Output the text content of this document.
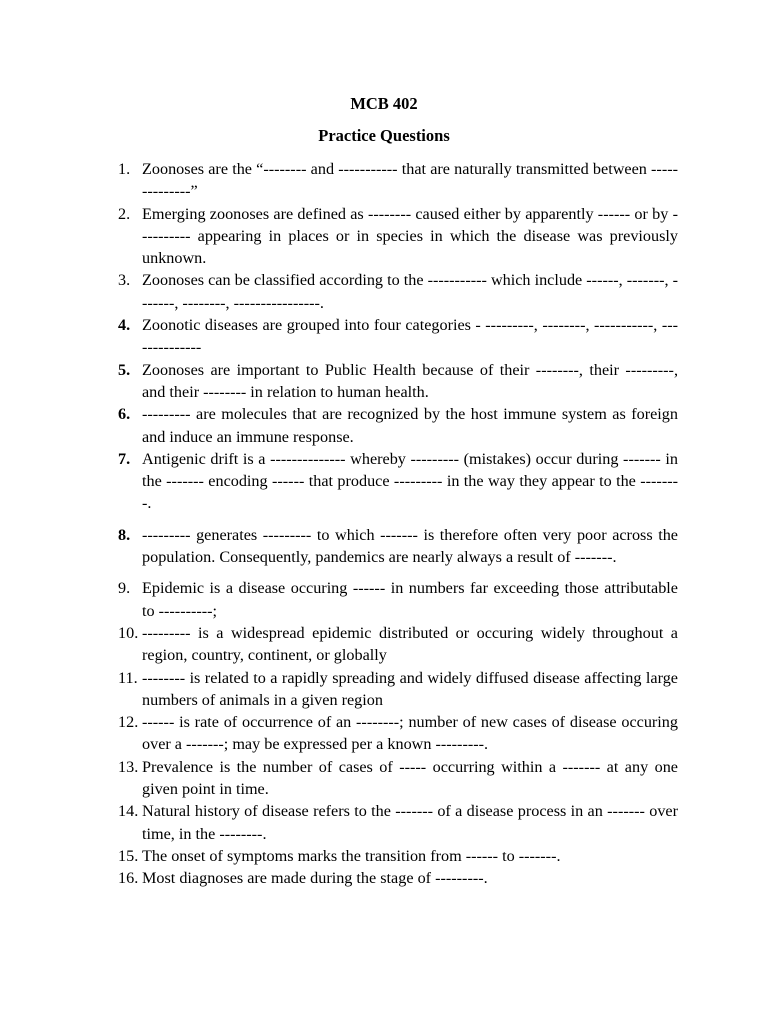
MCB 402
Practice Questions
1. Zoonoses are the “-------- and ----------- that are naturally transmitted between --------------”
2. Emerging zoonoses are defined as -------- caused either by apparently ------ or by ---------- appearing in places or in species in which the disease was previously unknown.
3. Zoonoses can be classified according to the ----------- which include ------, -------, -------, --------, ----------------.
4. Zoonotic diseases are grouped into four categories - ---------, --------, -----------, --------------
5. Zoonoses are important to Public Health because of their --------, their ---------, and their -------- in relation to human health.
6. --------- are molecules that are recognized by the host immune system as foreign and induce an immune response.
7. Antigenic drift is a -------------- whereby --------- (mistakes) occur during ------- in the ------- encoding ------ that produce --------- in the way they appear to the --------.
8. --------- generates --------- to which ------- is therefore often very poor across the population. Consequently, pandemics are nearly always a result of -------.
9. Epidemic is a disease occuring ------ in numbers far exceeding those attributable to ----------;
10. --------- is a widespread epidemic distributed or occuring widely throughout a region, country, continent, or globally
11. -------- is related to a rapidly spreading and widely diffused disease affecting large numbers of animals in a given region
12. ------ is rate of occurrence of an --------; number of new cases of disease occuring over a -------; may be expressed per a known ---------.
13. Prevalence is the number of cases of ----- occurring within a ------- at any one given point in time.
14. Natural history of disease refers to the ------- of a disease process in an ------- over time, in the --------.
15. The onset of symptoms marks the transition from ------ to -------.
16. Most diagnoses are made during the stage of ---------.
